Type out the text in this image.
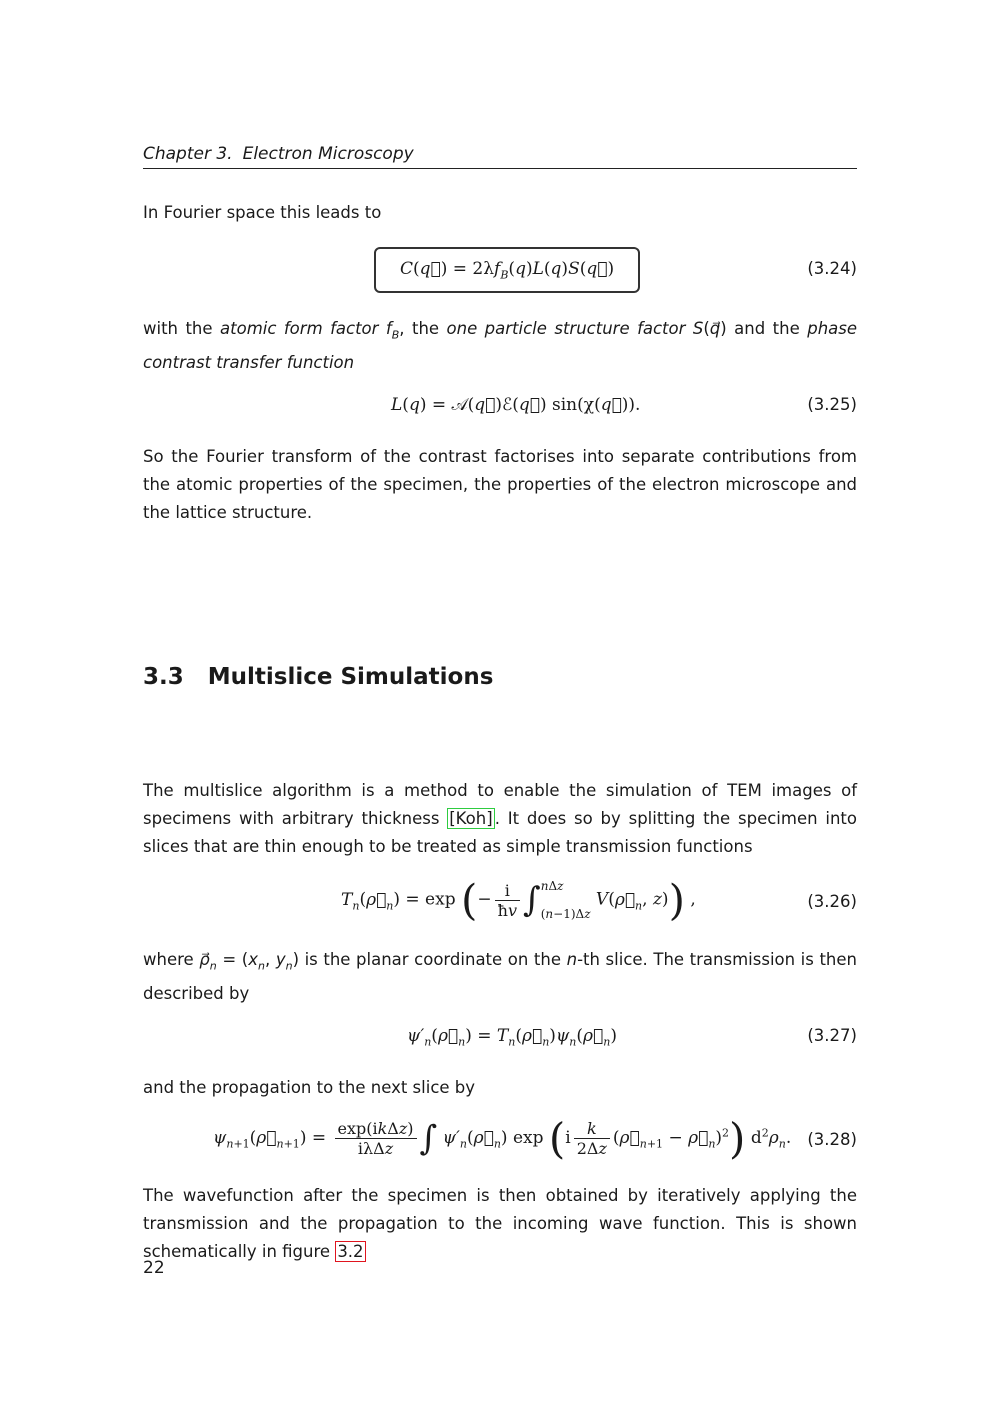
Chapter 3. Electron Microscopy

In Fourier space this leads to

C(q⃗) = $2\lambda f_B(q)L(q)S(q⃗)$	(3.24)

with the atomic form factor $f_B$, the one particle structure factor S(q⃗) and the phase contrast transfer function

L(q) = 𝒜(q⃗)ℰ(q⃗) sin(χ(q⃗)).	(3.25)

So the Fourier transform of the contrast factorises into separate contributions from the atomic properties of the specimen, the properties of the electron microscope and the lattice structure.

3.3 Multislice Simulations

The multislice algorithm is a method to enable the simulation of TEM images of specimens with arbitrary thickness [Koh] . It does so by splitting the specimen into slices that are thin enough to be treated as simple transmission functions

$T_n(\rho⃗_n) = \exp$ (− $\frac{i}{ħv} \int n\Delta z$
(n−1)Δz $V(\rho⃗_n$, z)) ,	(3.26)

where $\rho⃗_n = (x_n$, $y_n$) is the planar coordinate on the n-th slice. The transmission is then described by

$\psi'_n(\rho⃗_n)$ = $T_n(\rho⃗_n)\psi_n(\rho⃗_n)$	(3.27)

and the propagation to the next slice by

$\psi_{n+1}(\rho⃗_{n+1}) = \frac{\text{exp(ikΔz)}}{\text{iλΔz}}$ ∫ $\psi'_n(\rho⃗_n)$ $\exp (i \frac{k}{2\Delta z}$ ($\rho⃗_{n+1}$ − $\rho⃗_n)^2$) $d^2\rho_n$. (3.28)

The wavefunction after the specimen is then obtained by iteratively applying the transmission and the propagation to the incoming wave function. This is shown schematically in figure 3.2

22
